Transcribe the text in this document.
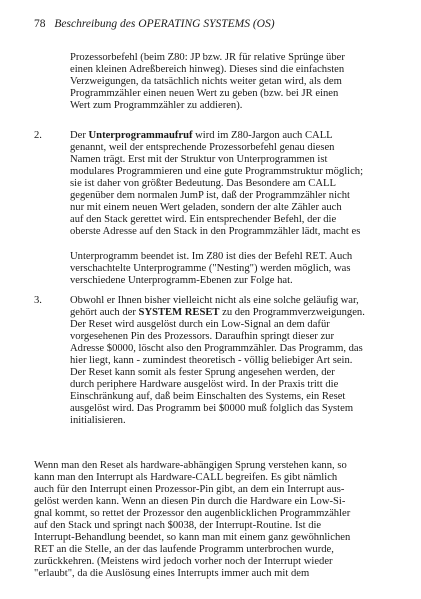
78 Beschreibung des OPERATING SYSTEMS (OS)
Prozessorbefehl (beim Z80: JP bzw. JR für relative Sprünge über
einen kleinen Adreßbereich hinweg). Dieses sind die einfachsten
Verzweigungen, da tatsächlich nichts weiter getan wird, als dem
Programmzähler einen neuen Wert zu geben (bzw. bei JR einen
Wert zum Programmzähler zu addieren).
2.	Der Unterprogrammaufruf wird im Z80-Jargon auch CALL
genannt, weil der entsprechende Prozessorbefehl genau diesen
Namen trägt. Erst mit der Struktur von Unterprogrammen ist
modulares Programmieren und eine gute Programmstruktur möglich;
sie ist daher von größter Bedeutung. Das Besondere am CALL
gegenüber dem normalen JumP ist, daß der Programmzähler nicht
nur mit einem neuen Wert geladen, sondern der alte Zähler auch
auf den Stack gerettet wird. Ein entsprechender Befehl, der die
oberste Adresse auf den Stack in den Programmzähler lädt, macht es
Unterprogramm beendet ist. Im Z80 ist dies der Befehl RET. Auch
verschachtelte Unterprogramme ("Nesting") werden möglich, was
verschiedene Unterprogramm-Ebenen zur Folge hat.
3.	Obwohl er Ihnen bisher vielleicht nicht als eine solche geläufig war,
gehört auch der SYSTEM RESET zu den Programmverzweigungen.
Der Reset wird ausgelöst durch ein Low-Signal an dem dafür
vorgesehenen Pin des Prozessors. Daraufhin springt dieser zur
Adresse $0000, löscht also den Programmzähler. Das Programm, das
hier liegt, kann - zumindest theoretisch - völlig beliebiger Art sein.
Der Reset kann somit als fester Sprung angesehen werden, der
durch periphere Hardware ausgelöst wird. In der Praxis tritt die
Einschränkung auf, daß beim Einschalten des Systems, ein Reset
ausgelöst wird. Das Programm bei $0000 muß folglich das System
initialisieren.
Wenn man den Reset als hardware-abhängigen Sprung verstehen kann, so
kann man den Interrupt als Hardware-CALL begreifen. Es gibt nämlich
auch für den Interrupt einen Prozessor-Pin gibt, an dem ein Interrupt aus-
gelöst werden kann. Wenn an diesen Pin durch die Hardware ein Low-Si-
gnal kommt, so rettet der Prozessor den augenblicklichen Programmzähler
auf den Stack und springt nach $0038, der Interrupt-Routine. Ist die
Interrupt-Behandlung beendet, so kann man mit einem ganz gewöhnlichen
RET an die Stelle, an der das laufende Programm unterbrochen wurde,
zurückkehren. (Meistens wird jedoch vorher noch der Interrupt wieder
"erlaubt", da die Auslösung eines Interrupts immer auch mit dem
